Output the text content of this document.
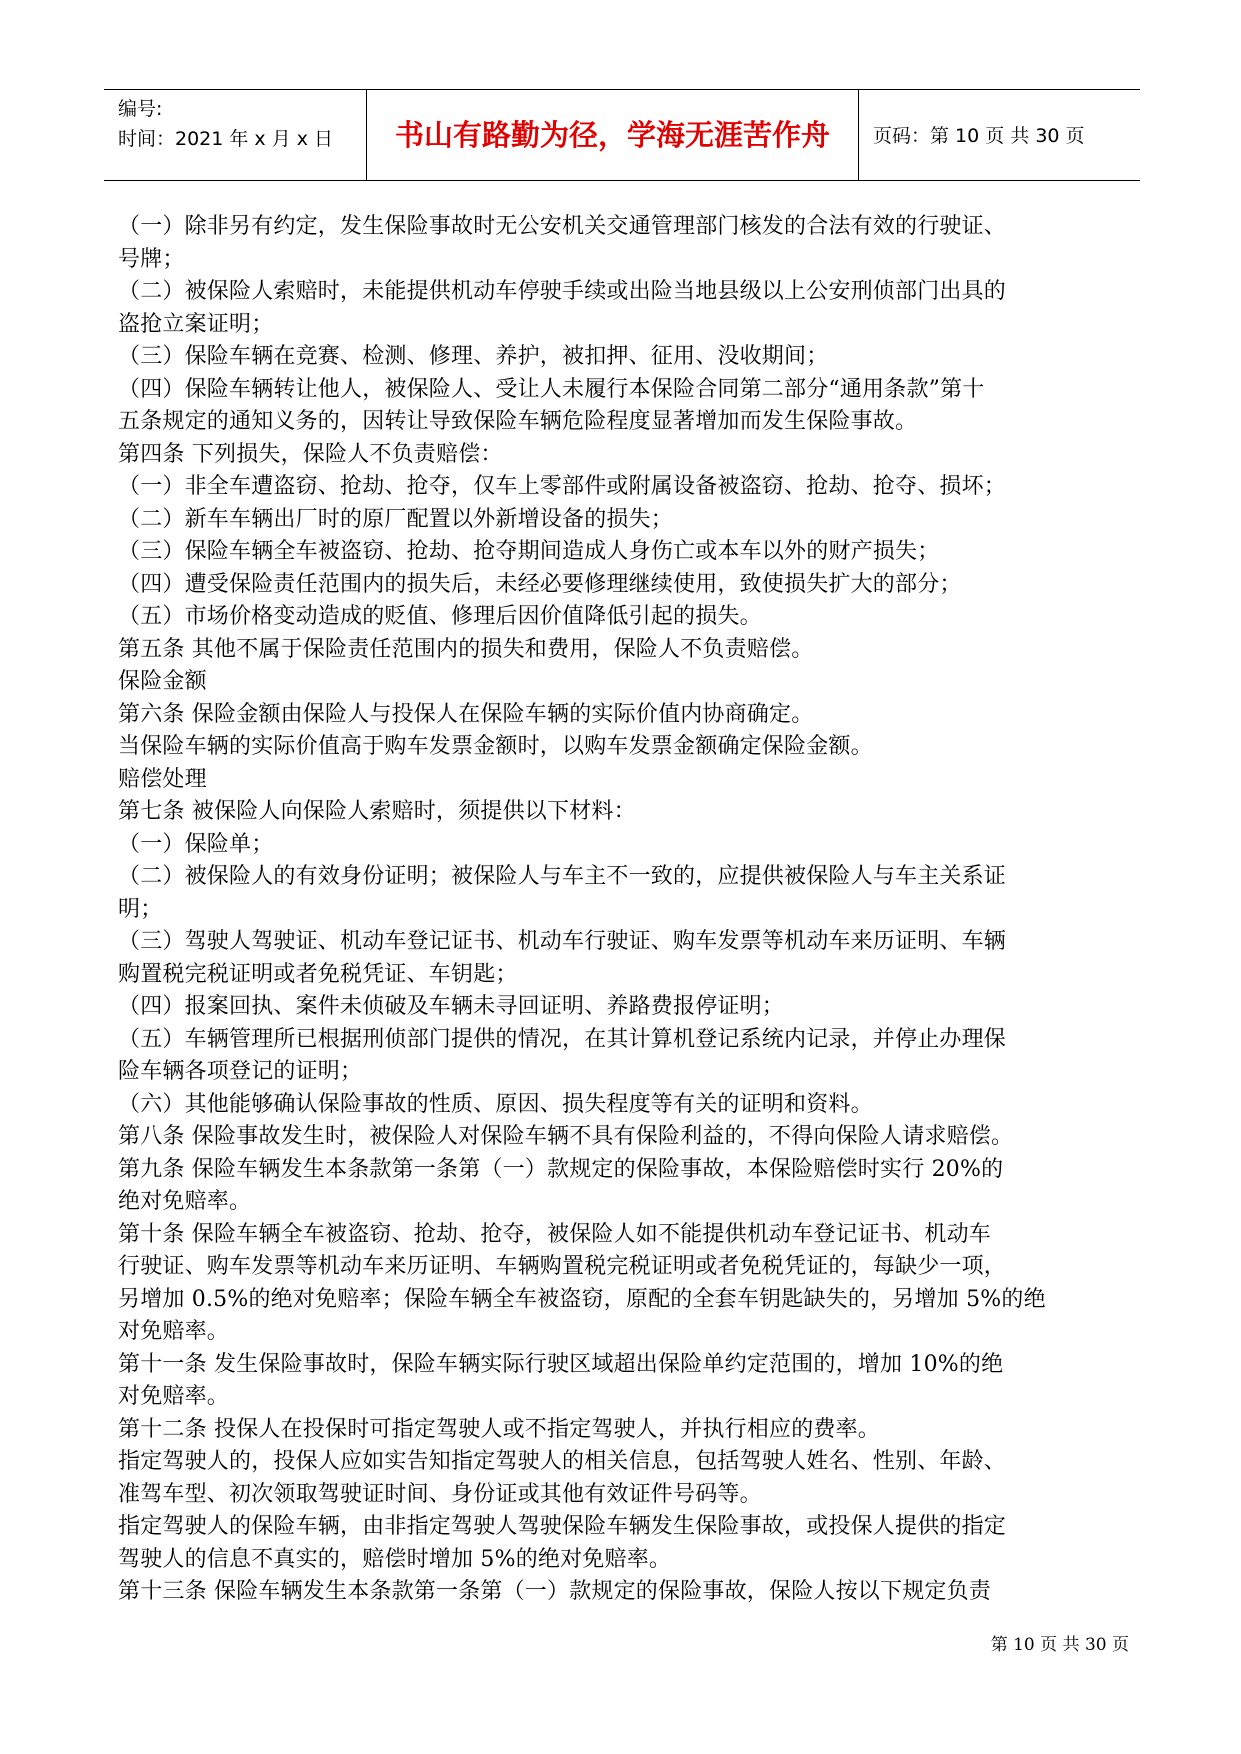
编号:
时间：2021 年 x 月 x 日	书山有路勤为径，学海无涯苦作舟 页码：第 10 页 共 30 页
（一）除非另有约定，发生保险事故时无公安机关交通管理部门核发的合法有效的行驶证、
号牌；
（二）被保险人索赔时，未能提供机动车停驶手续或出险当地县级以上公安刑侦部门出具的
盗抢立案证明；
（三）保险车辆在竞赛、检测、修理、养护，被扣押、征用、没收期间；
（四）保险车辆转让他人，被保险人、受让人未履行本保险合同第二部分“通用条款”第十
五条规定的通知义务的，因转让导致保险车辆危险程度显著增加而发生保险事故。
第四条 下列损失，保险人不负责赔偿：
（一）非全车遭盗窃、抢劫、抢夺，仅车上零部件或附属设备被盗窃、抢劫、抢夺、损坏；
（二）新车车辆出厂时的原厂配置以外新增设备的损失；
（三）保险车辆全车被盗窃、抢劫、抢夺期间造成人身伤亡或本车以外的财产损失；
（四）遭受保险责任范围内的损失后，未经必要修理继续使用，致使损失扩大的部分；
（五）市场价格变动造成的贬值、修理后因价值降低引起的损失。
第五条 其他不属于保险责任范围内的损失和费用，保险人不负责赔偿。
保险金额
第六条 保险金额由保险人与投保人在保险车辆的实际价值内协商确定。
当保险车辆的实际价值高于购车发票金额时，以购车发票金额确定保险金额。
赔偿处理
第七条 被保险人向保险人索赔时，须提供以下材料：
（一）保险单；
（二）被保险人的有效身份证明；被保险人与车主不一致的，应提供被保险人与车主关系证
明；
（三）驾驶人驾驶证、机动车登记证书、机动车行驶证、购车发票等机动车来历证明、车辆
购置税完税证明或者免税凭证、车钥匙；
（四）报案回执、案件未侦破及车辆未寻回证明、养路费报停证明；
（五）车辆管理所已根据刑侦部门提供的情况，在其计算机登记系统内记录，并停止办理保
险车辆各项登记的证明；
（六）其他能够确认保险事故的性质、原因、损失程度等有关的证明和资料。
第八条 保险事故发生时，被保险人对保险车辆不具有保险利益的，不得向保险人请求赔偿。
第九条 保险车辆发生本条款第一条第（一）款规定的保险事故，本保险赔偿时实行 20%的
绝对免赔率。
第十条 保险车辆全车被盗窃、抢劫、抢夺，被保险人如不能提供机动车登记证书、机动车
行驶证、购车发票等机动车来历证明、车辆购置税完税证明或者免税凭证的，每缺少一项，
另增加 0.5%的绝对免赔率；保险车辆全车被盗窃，原配的全套车钥匙缺失的，另增加 5%的绝
对免赔率。
第十一条 发生保险事故时，保险车辆实际行驶区域超出保险单约定范围的，增加 10%的绝
对免赔率。
第十二条 投保人在投保时可指定驾驶人或不指定驾驶人，并执行相应的费率。
指定驾驶人的，投保人应如实告知指定驾驶人的相关信息，包括驾驶人姓名、性别、年龄、
准驾车型、初次领取驾驶证时间、身份证或其他有效证件号码等。
指定驾驶人的保险车辆，由非指定驾驶人驾驶保险车辆发生保险事故，或投保人提供的指定
驾驶人的信息不真实的，赔偿时增加 5%的绝对免赔率。
第十三条 保险车辆发生本条款第一条第（一）款规定的保险事故，保险人按以下规定负责
第 10 页 共 30 页
